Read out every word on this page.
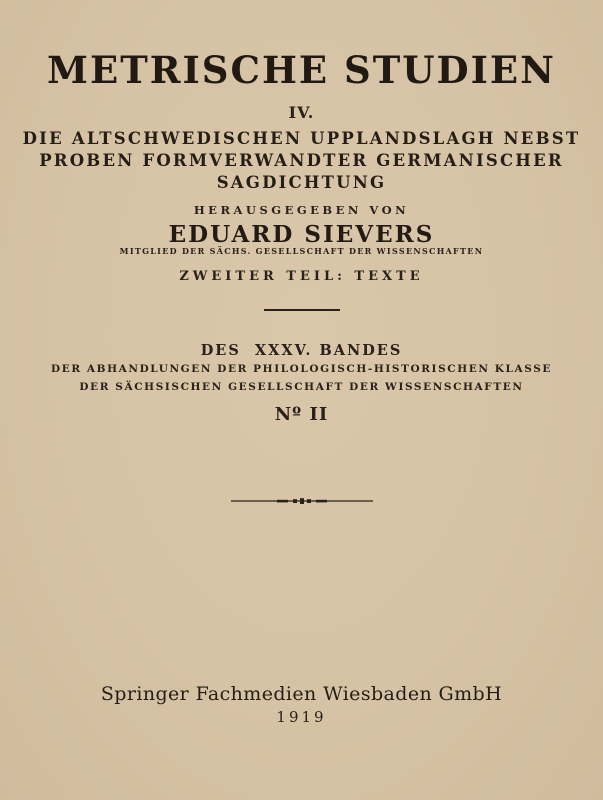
METRISCHE STUDIEN
IV.
DIE ALTSCHWEDISCHEN UPPLANDSLAGH NEBST
PROBEN FORMVERWANDTER GERMANISCHER
SAGDICHTUNG
HERAUSGEGEBEN VON
EDUARD SIEVERS
MITGLIED DER SÄCHS. GESELLSCHAFT DER WISSENSCHAFTEN
ZWEITER TEIL: TEXTE
DES  XXXV. BANDES
DER ABHANDLUNGEN DER PHILOLOGISCH-HISTORISCHEN KLASSE
DER SÄCHSISCHEN GESELLSCHAFT DER WISSENSCHAFTEN
Nº II
Springer Fachmedien Wiesbaden GmbH
1919
